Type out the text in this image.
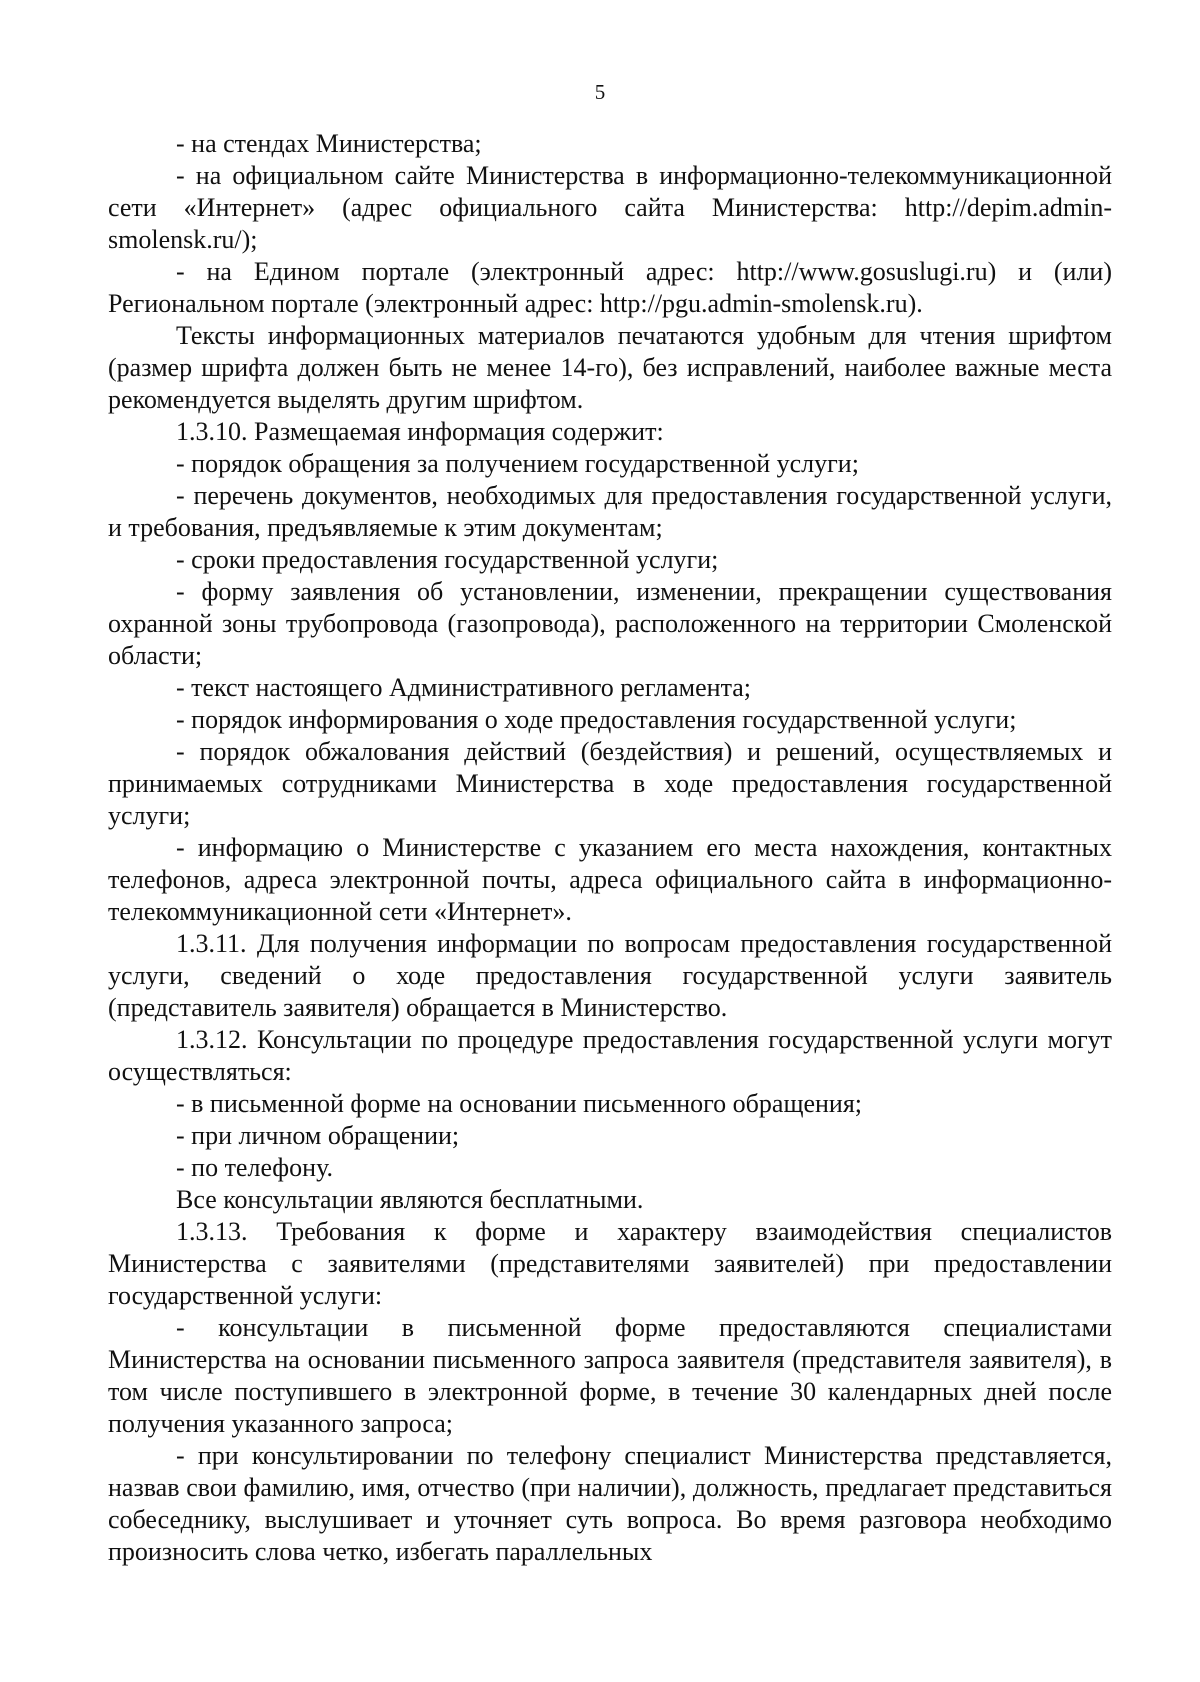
5

- на стендах Министерства;

- на официальном сайте Министерства в информационно-телекоммуникационной сети «Интернет» (адрес официального сайта Министерства: http://depim.admin-smolensk.ru/);

- на Едином портале (электронный адрес: http://www.gosuslugi.ru) и (или) Региональном портале (электронный адрес: http://pgu.admin-smolensk.ru).

Тексты информационных материалов печатаются удобным для чтения шрифтом (размер шрифта должен быть не менее 14-го), без исправлений, наиболее важные места рекомендуется выделять другим шрифтом.

1.3.10. Размещаемая информация содержит:

- порядок обращения за получением государственной услуги;

- перечень документов, необходимых для предоставления государственной услуги, и требования, предъявляемые к этим документам;

- сроки предоставления государственной услуги;

- форму заявления об установлении, изменении, прекращении существования охранной зоны трубопровода (газопровода), расположенного на территории Смоленской области;

- текст настоящего Административного регламента;

- порядок информирования о ходе предоставления государственной услуги;

- порядок обжалования действий (бездействия) и решений, осуществляемых и принимаемых сотрудниками Министерства в ходе предоставления государственной услуги;

- информацию о Министерстве с указанием его места нахождения, контактных телефонов, адреса электронной почты, адреса официального сайта в информационно-телекоммуникационной сети «Интернет».

1.3.11. Для получения информации по вопросам предоставления государственной услуги, сведений о ходе предоставления государственной услуги заявитель (представитель заявителя) обращается в Министерство.

1.3.12. Консультации по процедуре предоставления государственной услуги могут осуществляться:

- в письменной форме на основании письменного обращения;

- при личном обращении;

- по телефону.

Все консультации являются бесплатными.

1.3.13. Требования к форме и характеру взаимодействия специалистов Министерства с заявителями (представителями заявителей) при предоставлении государственной услуги:

- консультации в письменной форме предоставляются специалистами Министерства на основании письменного запроса заявителя (представителя заявителя), в том числе поступившего в электронной форме, в течение 30 календарных дней после получения указанного запроса;

- при консультировании по телефону специалист Министерства представляется, назвав свои фамилию, имя, отчество (при наличии), должность, предлагает представиться собеседнику, выслушивает и уточняет суть вопроса. Во время разговора необходимо произносить слова четко, избегать параллельных
